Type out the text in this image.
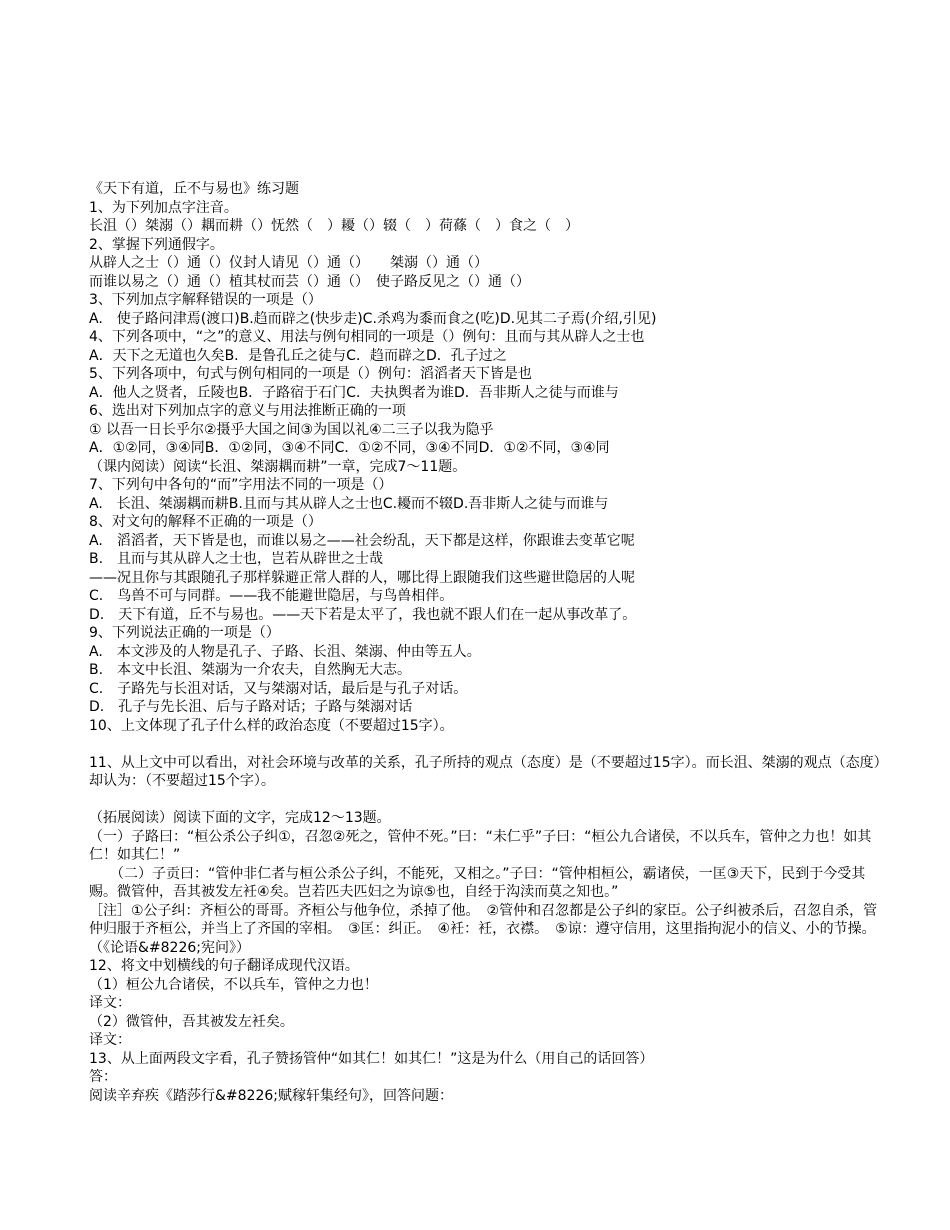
《天下有道，丘不与易也》练习题
1、为下列加点字注音。
长沮（）桀溺（）耦而耕（）怃然（　）耰（）辍（　）荷蓧（　）食之（　）
2、掌握下列通假字。
从辟人之士（）通（）仪封人请见（）通（）　　桀溺（）通（）
而谁以易之（）通（）植其杖而芸（）通（）　使子路反见之（）通（）
3、下列加点字解释错误的一项是（）
A.　使子路问津焉(渡口)B.趋而辟之(快步走)C.杀鸡为黍而食之(吃)D.见其二子焉(介绍,引见)
4、下列各项中，“之”的意义、用法与例句相同的一项是（）例句：且而与其从辟人之士也
A．天下之无道也久矣B．是鲁孔丘之徒与C．趋而辟之D．孔子过之
5、下列各项中，句式与例句相同的一项是（）例句：滔滔者天下皆是也
A．他人之贤者，丘陵也B．子路宿于石门C．夫执舆者为谁D．吾非斯人之徒与而谁与
6、选出对下列加点字的意义与用法推断正确的一项
① 以吾一日长乎尔②摄乎大国之间③为国以礼④二三子以我为隐乎
A．①②同，③④同B．①②同，③④不同C．①②不同，③④不同D．①②不同，③④同
（课内阅读）阅读“长沮、桀溺耦而耕”一章，完成7～11题。
7、下列句中各句的“而”字用法不同的一项是（）
A.　长沮、桀溺耦而耕B.且而与其从辟人之士也C.耰而不辍D.吾非斯人之徒与而谁与
8、对文句的解释不正确的一项是（）
A.　滔滔者，天下皆是也，而谁以易之——社会纷乱，天下都是这样，你跟谁去变革它呢
B.　且而与其从辟人之士也，岂若从辟世之士哉
——况且你与其跟随孔子那样躲避正常人群的人，哪比得上跟随我们这些避世隐居的人呢
C.　鸟兽不可与同群。——我不能避世隐居，与鸟兽相伴。
D.　天下有道，丘不与易也。——天下若是太平了，我也就不跟人们在一起从事改革了。
9、下列说法正确的一项是（）
A.　本文涉及的人物是孔子、子路、长沮、桀溺、仲由等五人。
B.　本文中长沮、桀溺为一介农夫，自然胸无大志。
C.　子路先与长沮对话，又与桀溺对话，最后是与孔子对话。
D.　孔子与先长沮、后与子路对话；子路与桀溺对话
10、上文体现了孔子什么样的政治态度（不要超过15字）。
11、从上文中可以看出，对社会环境与改革的关系，孔子所持的观点（态度）是（不要超过15字）。而长沮、桀溺的观点（态度）却认为：（不要超过15个字）。
（拓展阅读）阅读下面的文字，完成12～13题。
（一）子路曰：“桓公杀公子纠①，召忽②死之，管仲不死。”曰：“未仁乎”子曰：“桓公九合诸侯，不以兵车，管仲之力也！如其仁！如其仁！”
　　（二）子贡曰：“管仲非仁者与桓公杀公子纠，不能死，又相之。”子曰：“管仲相桓公，霸诸侯，一匡③天下，民到于今受其赐。微管仲，吾其被发左衽④矣。岂若匹夫匹妇之为谅⑤也，自经于沟渎而莫之知也。”
［注］①公子纠：齐桓公的哥哥。齐桓公与他争位，杀掉了他。　②管仲和召忽都是公子纠的家臣。公子纠被杀后，召忽自杀，管仲归服于齐桓公，并当上了齐国的宰相。　③匡：纠正。　④衽：衽，衣襟。　⑤谅：遵守信用，这里指拘泥小的信义、小的节操。（《论语&#8226;宪问》）
12、将文中划横线的句子翻译成现代汉语。
（1）桓公九合诸侯，不以兵车，管仲之力也！
译文：
（2）微管仲，吾其被发左衽矣。
译文：
13、从上面两段文字看，孔子赞扬管仲“如其仁！如其仁！”这是为什么（用自己的话回答）
答：
阅读辛弃疾《踏莎行&#8226;赋稼轩集经句》，回答问题：
